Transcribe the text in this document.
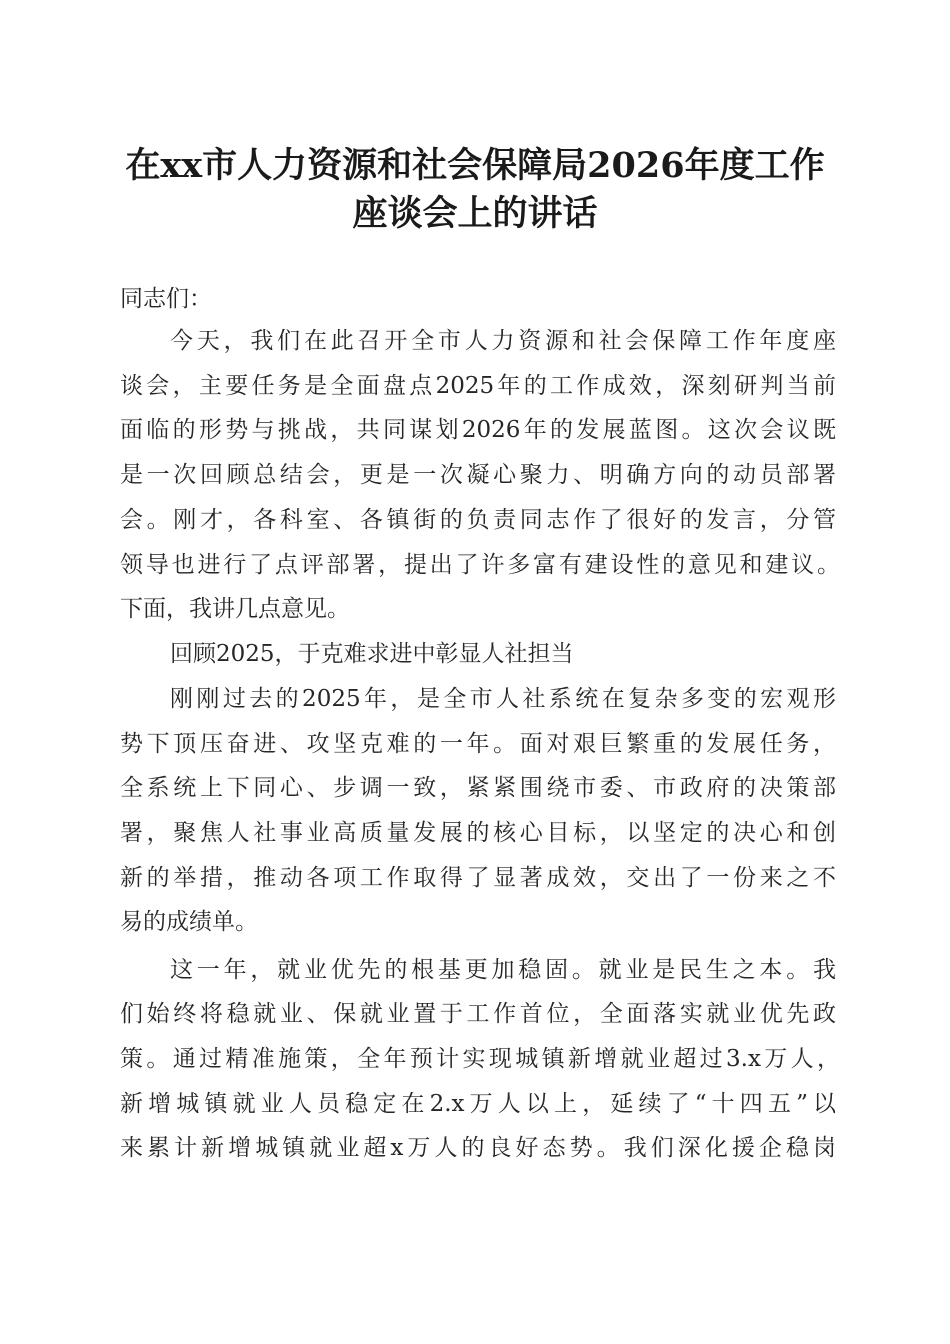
在xx市人力资源和社会保障局2026年度工作
座谈会上的讲话
同志们：
今天，我们在此召开全市人力资源和社会保障工作年度座
谈会，主要任务是全面盘点2025年的工作成效，深刻研判当前
面临的形势与挑战，共同谋划2026年的发展蓝图。这次会议既
是一次回顾总结会，更是一次凝心聚力、明确方向的动员部署
会。刚才，各科室、各镇街的负责同志作了很好的发言，分管
领导也进行了点评部署，提出了许多富有建设性的意见和建议。
下面，我讲几点意见。
回顾2025，于克难求进中彰显人社担当
刚刚过去的2025年，是全市人社系统在复杂多变的宏观形
势下顶压奋进、攻坚克难的一年。面对艰巨繁重的发展任务，
全系统上下同心、步调一致，紧紧围绕市委、市政府的决策部
署，聚焦人社事业高质量发展的核心目标，以坚定的决心和创
新的举措，推动各项工作取得了显著成效，交出了一份来之不
易的成绩单。
这一年，就业优先的根基更加稳固。就业是民生之本。我
们始终将稳就业、保就业置于工作首位，全面落实就业优先政
策。通过精准施策，全年预计实现城镇新增就业超过3.x万人，
新增城镇就业人员稳定在2.x万人以上，延续了“十四五”以
来累计新增城镇就业超x万人的良好态势。我们深化援企稳岗
